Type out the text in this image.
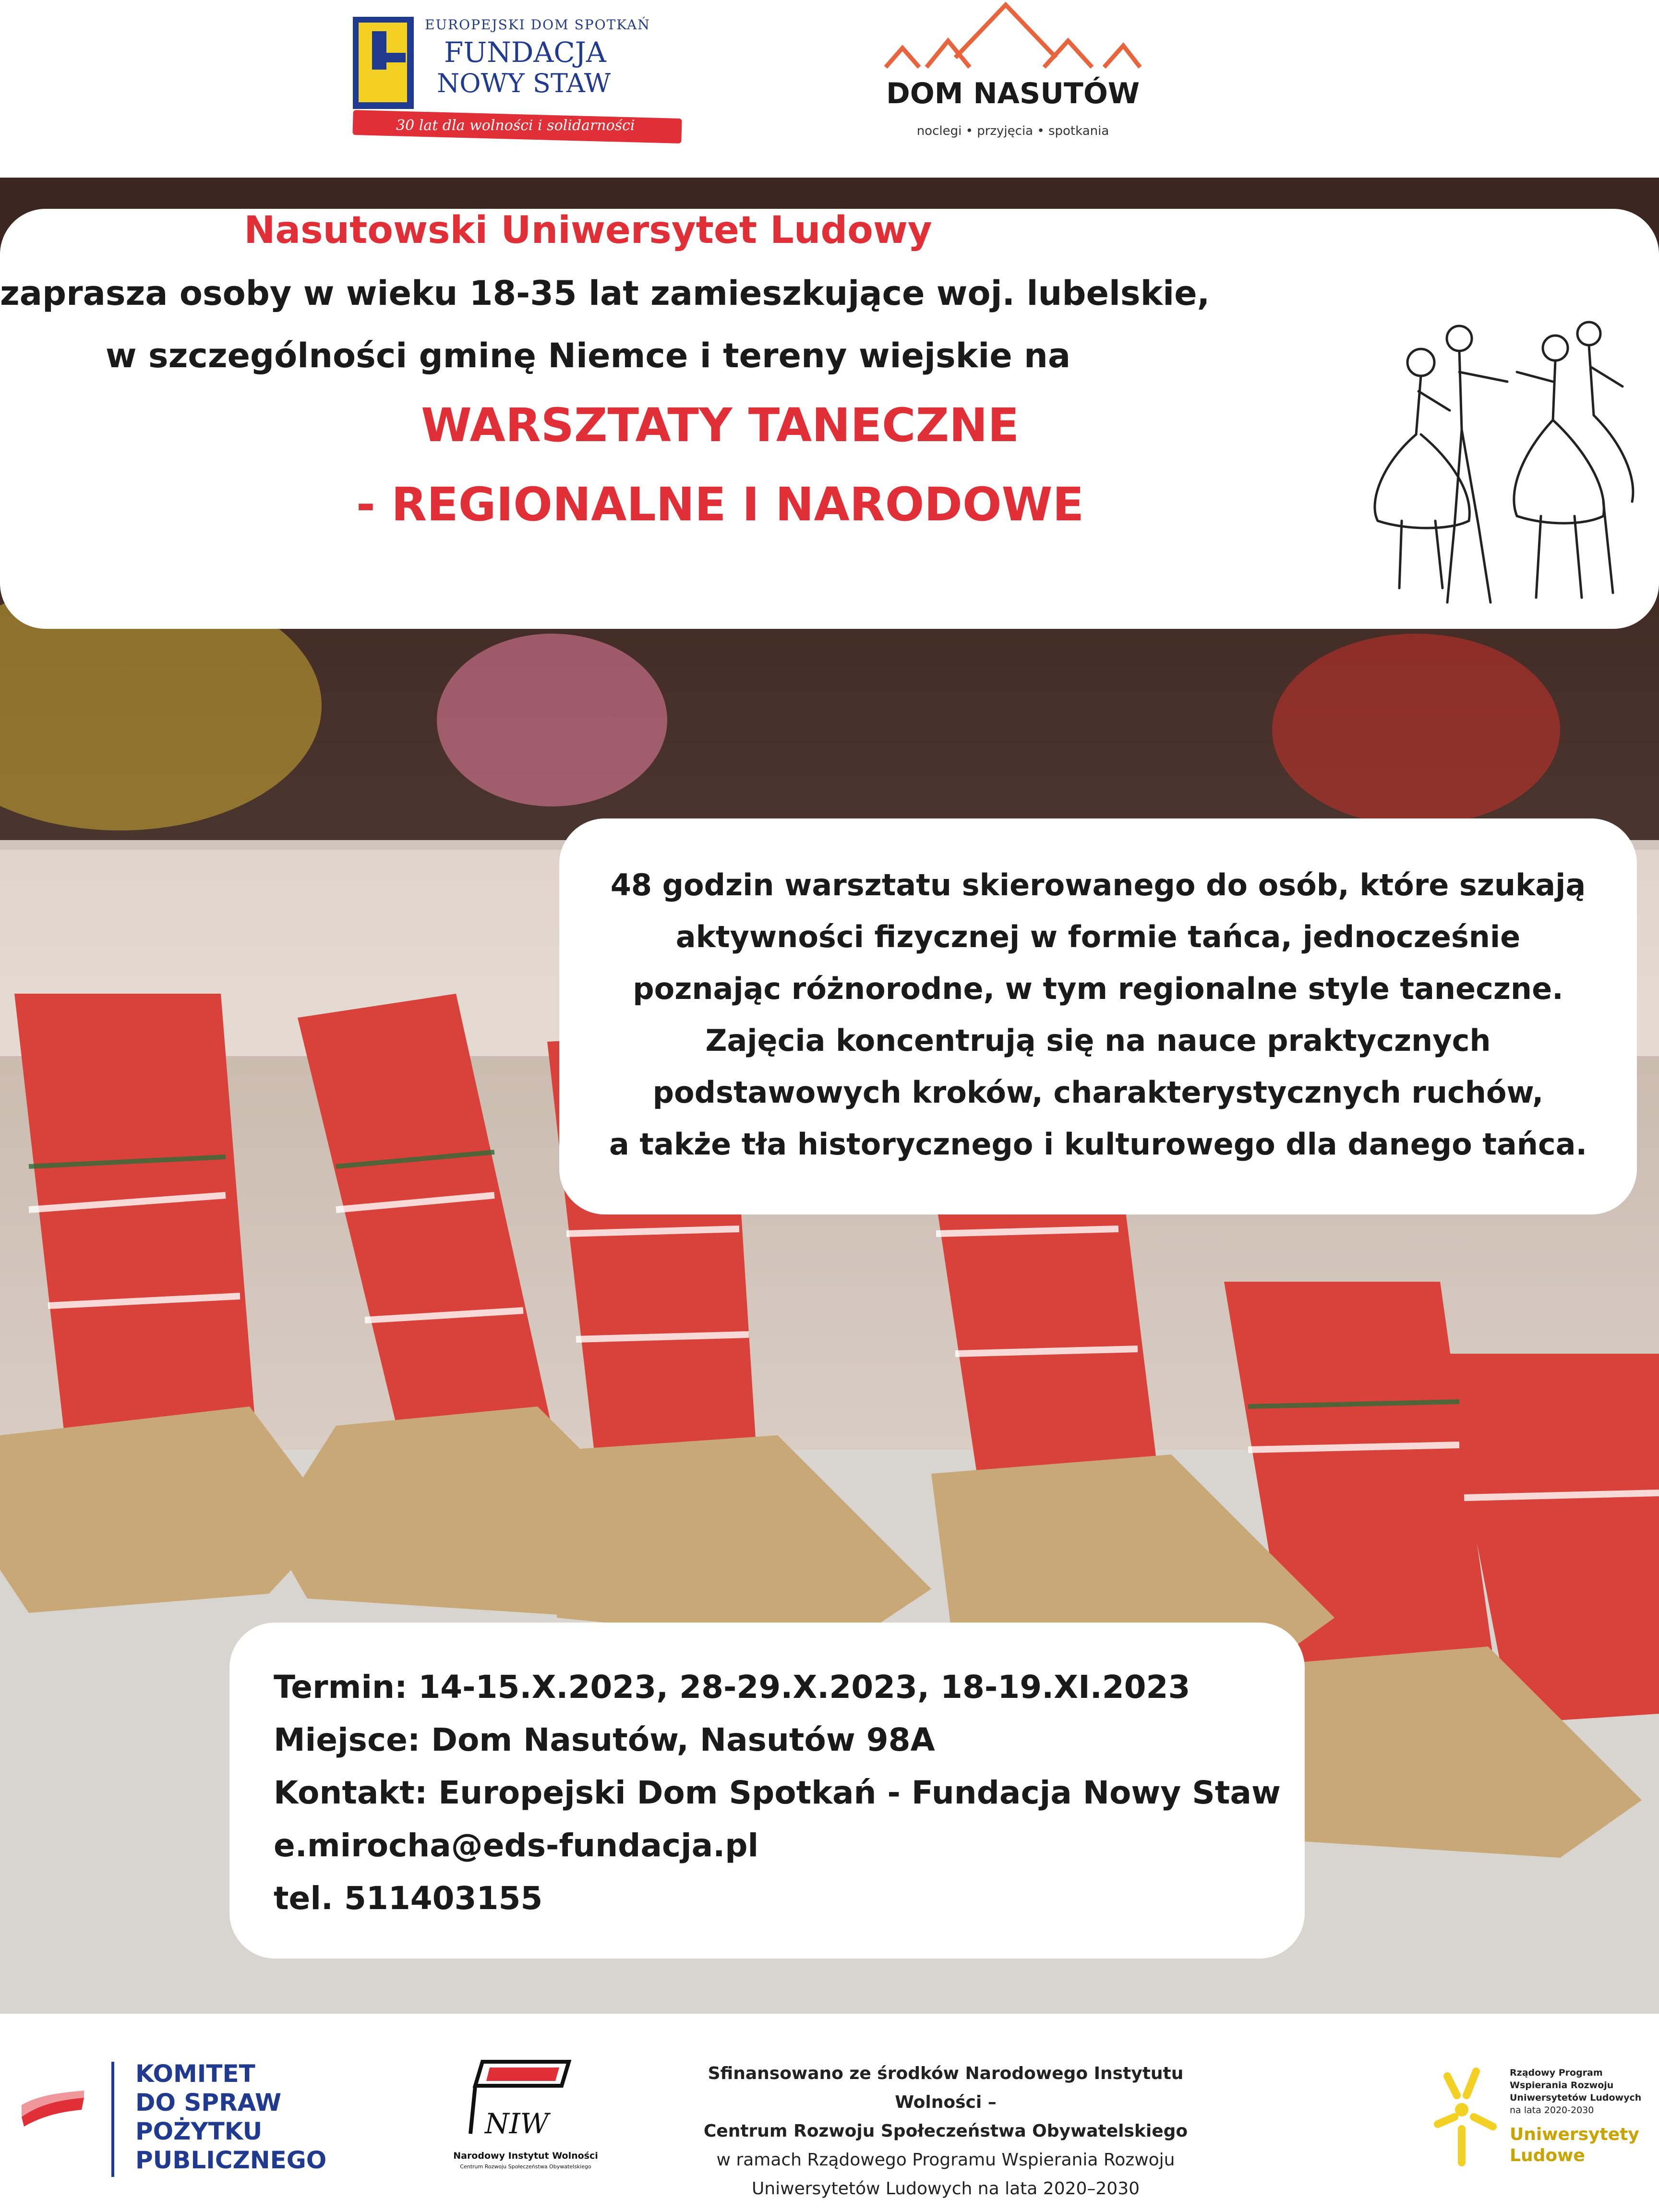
EUROPEJSKI DOM SPOTKAŃ
FUNDACJA
NOWY STAW
30 lat dla wolności i solidarności
DOM NASUTÓW
noclegi • przyjęcia • spotkania
Nasutowski Uniwersytet Ludowy
zaprasza osoby w wieku 18-35 lat zamieszkujące woj. lubelskie,
w szczególności gminę Niemce i tereny wiejskie na
WARSZTATY TANECZNE
- REGIONALNE I NARODOWE
48 godzin warsztatu skierowanego do osób, które szukają
aktywności fizycznej w formie tańca, jednocześnie
poznając różnorodne, w tym regionalne style taneczne.
Zajęcia koncentrują się na nauce praktycznych
podstawowych kroków, charakterystycznych ruchów,
a także tła historycznego i kulturowego dla danego tańca.
Termin: 14-15.X.2023, 28-29.X.2023, 18-19.XI.2023
Miejsce: Dom Nasutów, Nasutów 98A
Kontakt: Europejski Dom Spotkań - Fundacja Nowy Staw
e.mirocha@eds-fundacja.pl
tel. 511403155
KOMITET
DO SPRAW
POŻYTKU
PUBLICZNEGO
NIW
Narodowy Instytut Wolności
Centrum Rozwoju Społeczeństwa Obywatelskiego
Sfinansowano ze środków Narodowego Instytutu Wolności –
Centrum Rozwoju Społeczeństwa Obywatelskiego
w ramach Rządowego Programu Wspierania Rozwoju
Uniwersytetów Ludowych na lata 2020–2030
Rządowy Program
Wspierania Rozwoju
Uniwersytetów Ludowych
na lata 2020-2030
Uniwersytety
Ludowe
